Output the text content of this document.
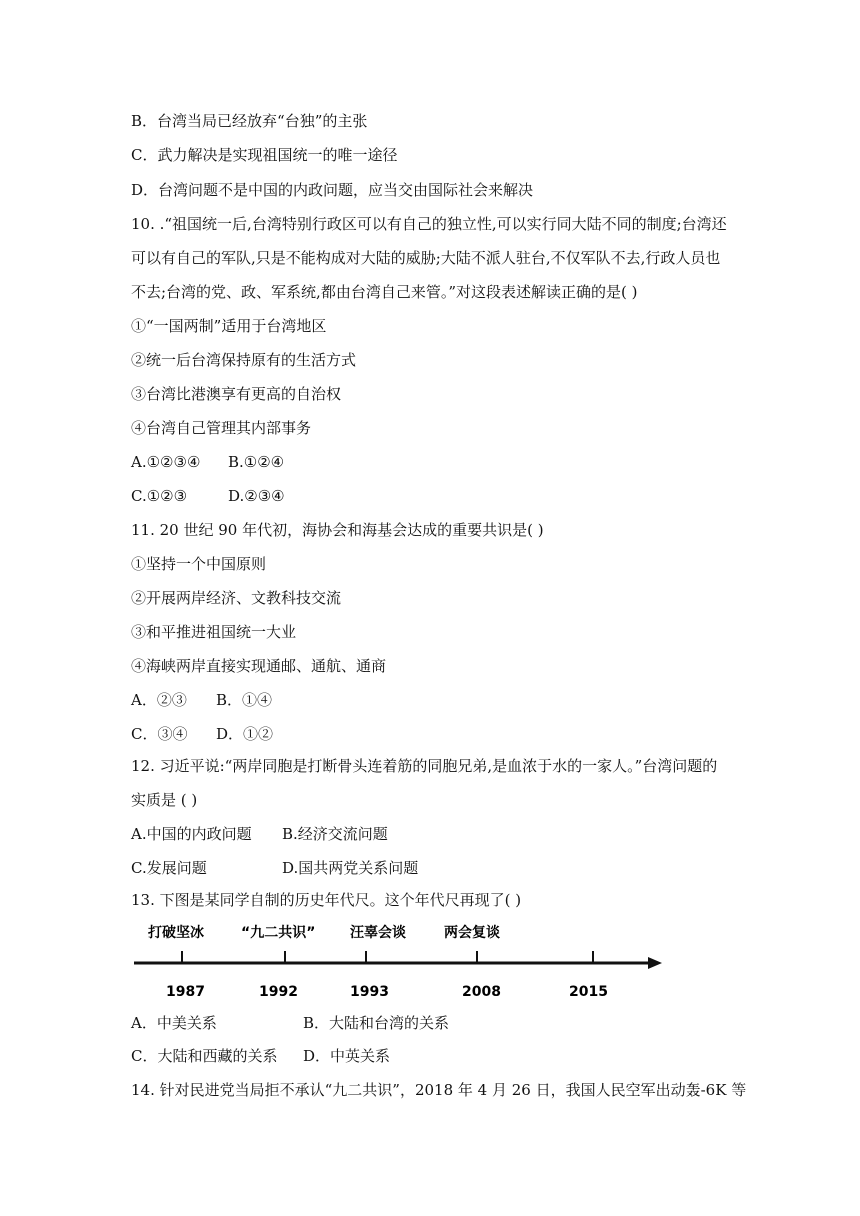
B．台湾当局已经放弃“台独”的主张
C．武力解决是实现祖国统一的唯一途径
D．台湾问题不是中国的内政问题，应当交由国际社会来解决
10. .“祖国统一后,台湾特别行政区可以有自己的独立性,可以实行同大陆不同的制度;台湾还
可以有自己的军队,只是不能构成对大陆的威胁;大陆不派人驻台,不仅军队不去,行政人员也
不去;台湾的党、政、军系统,都由台湾自己来管。”对这段表述解读正确的是( )
①“一国两制”适用于台湾地区
②统一后台湾保持原有的生活方式
③台湾比港澳享有更高的自治权
④台湾自己管理其内部事务
A.①②③④ B.①②④
C.①②③	D.②③④
11. 20 世纪 90 年代初，海协会和海基会达成的重要共识是( )
①坚持一个中国原则
②开展两岸经济、文教科技交流
③和平推进祖国统一大业
④海峡两岸直接实现通邮、通航、通商
A．②③ B．①④
C．③④ D．①②
12. 习近平说:“两岸同胞是打断骨头连着筋的同胞兄弟,是血浓于水的一家人。”台湾问题的
实质是 ( )
A.中国的内政问题 B.经济交流问题
C.发展问题	D.国共两党关系问题
13. 下图是某同学自制的历史年代尺。这个年代尺再现了( )
打破坚冰	“九二共识” 汪辜会谈	两会复谈
1987	1992	1993	2008	2015
A．中美关系	B．大陆和台湾的关系
C．大陆和西藏的关系 D．中英关系
14. 针对民进党当局拒不承认“九二共识”，2018 年 4 月 26 日，我国人民空军出动轰-6K 等
